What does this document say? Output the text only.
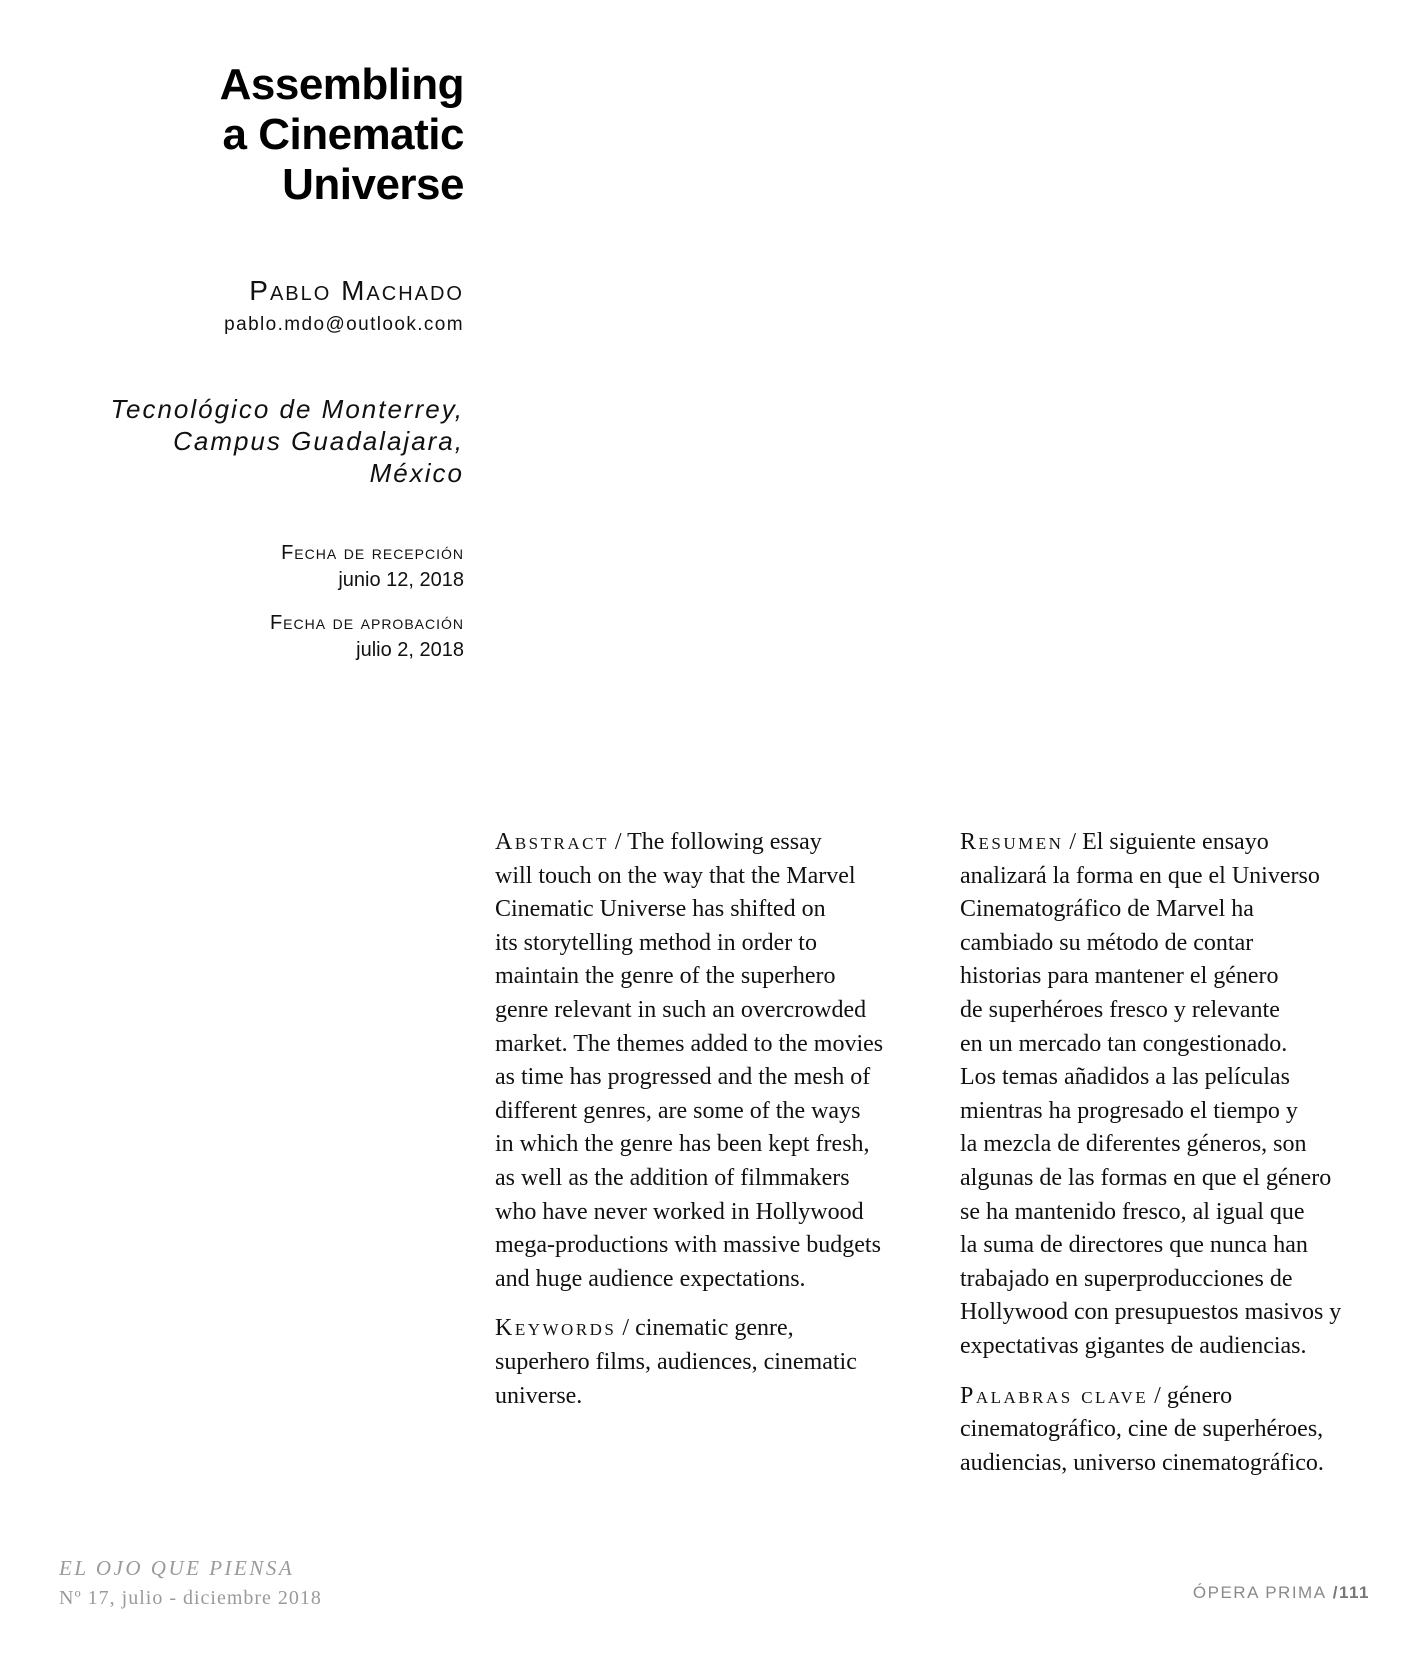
Assembling
a Cinematic
Universe
Pablo Machado
pablo.mdo@outlook.com
Tecnológico de Monterrey,
Campus Guadalajara,
México
Fecha de recepción
junio 12, 2018
Fecha de aprobación
julio 2, 2018
Abstract / The following essay
will touch on the way that the Marvel
Cinematic Universe has shifted on
its storytelling method in order to
maintain the genre of the superhero
genre relevant in such an overcrowded
market. The themes added to the movies
as time has progressed and the mesh of
different genres, are some of the ways
in which the genre has been kept fresh,
as well as the addition of filmmakers
who have never worked in Hollywood
mega-productions with massive budgets
and huge audience expectations.
Keywords / cinematic genre,
superhero films, audiences, cinematic
universe.
Resumen / El siguiente ensayo
analizará la forma en que el Universo
Cinematográfico de Marvel ha
cambiado su método de contar
historias para mantener el género
de superhéroes fresco y relevante
en un mercado tan congestionado.
Los temas añadidos a las películas
mientras ha progresado el tiempo y
la mezcla de diferentes géneros, son
algunas de las formas en que el género
se ha mantenido fresco, al igual que
la suma de directores que nunca han
trabajado en superproducciones de
Hollywood con presupuestos masivos y
expectativas gigantes de audiencias.
Palabras clave / género
cinematográfico, cine de superhéroes,
audiencias, universo cinematográfico.
EL OJO QUE PIENSA
Nº 17, julio - diciembre 2018	ÓPERA PRIMA /111
